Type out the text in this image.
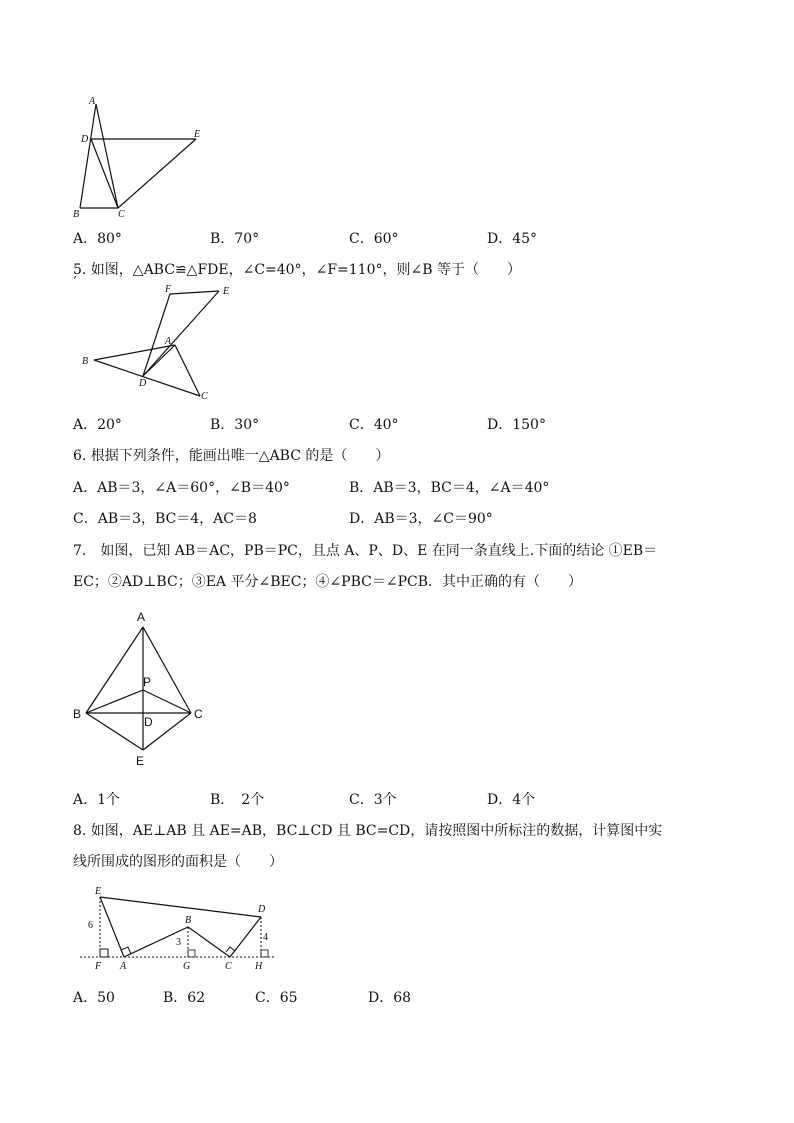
A
D	E
B	C
A．80°	B．70°	C．60°	D．45°
5. 如图，△ABC≌△FDE，∠C=40°，∠F=110°，则∠B 等于（　　）
’
F	E
A
B
D
C
A．20°	B．30°	C．40°	D．150°
6. 根据下列条件，能画出唯一△ABC 的是（　　）
A．AB＝3，∠A＝60°，∠B＝40°	B．AB＝3，BC＝4，∠A＝40°
C．AB＝3，BC＝4，AC＝8	D．AB＝3，∠C＝90°
7.　如图，已知 AB＝AC，PB＝PC，且点 A、P、D、E 在同一条直线上.下面的结论 ①EB＝
EC；②AD⊥BC；③EA 平分∠BEC；④∠PBC＝∠PCB．其中正确的有（　　）
A
P
B
D
C
E
A．1个	B．　2个	C．3个	D．4个
8. 如图，AE⊥AB 且 AE=AB，BC⊥CD 且 BC=CD，请按照图中所标注的数据，计算图中实
线所围成的图形的面积是（　　）
E
D
B
6
3	4
F A	G	C H
A．50	B．62	C．65	D．68
